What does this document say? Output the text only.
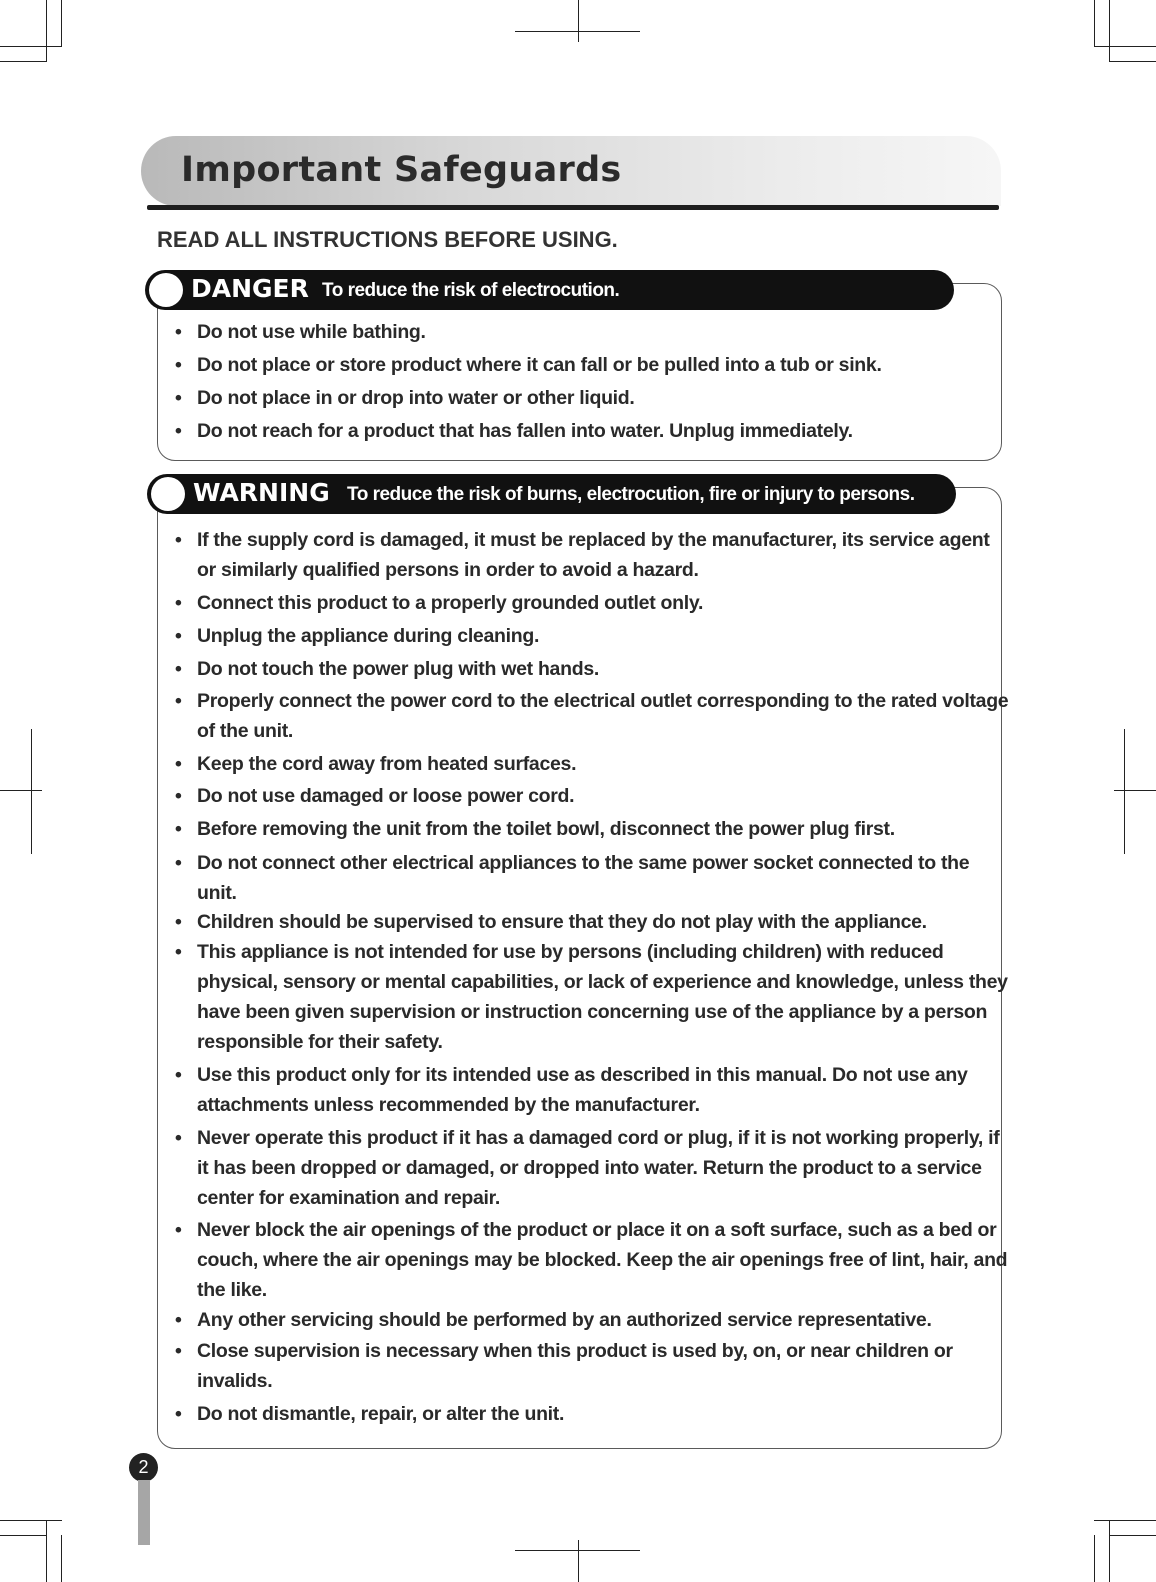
Important Safeguards
READ ALL INSTRUCTIONS BEFORE USING.
DANGER To reduce the risk of electrocution.
• Do not use while bathing.
• Do not place or store product where it can fall or be pulled into a tub or sink.
• Do not place in or drop into water or other liquid.
• Do not reach for a product that has fallen into water. Unplug immediately.
WARNING To reduce the risk of burns, electrocution, fire or injury to persons.
• If the supply cord is damaged, it must be replaced by the manufacturer, its service agent or similarly qualified persons in order to avoid a hazard.
• Connect this product to a properly grounded outlet only.
• Unplug the appliance during cleaning.
• Do not touch the power plug with wet hands.
• Properly connect the power cord to the electrical outlet corresponding to the rated voltage of the unit.
• Keep the cord away from heated surfaces.
• Do not use damaged or loose power cord.
• Before removing the unit from the toilet bowl, disconnect the power plug first.
• Do not connect other electrical appliances to the same power socket connected to the unit.
• Children should be supervised to ensure that they do not play with the appliance.
• This appliance is not intended for use by persons (including children) with reduced physical, sensory or mental capabilities, or lack of experience and knowledge, unless they have been given supervision or instruction concerning use of the appliance by a person responsible for their safety.
• Use this product only for its intended use as described in this manual. Do not use any attachments unless recommended by the manufacturer.
• Never operate this product if it has a damaged cord or plug, if it is not working properly, if it has been dropped or damaged, or dropped into water. Return the product to a service center for examination and repair.
• Never block the air openings of the product or place it on a soft surface, such as a bed or couch, where the air openings may be blocked. Keep the air openings free of lint, hair, and the like.
• Any other servicing should be performed by an authorized service representative.
• Close supervision is necessary when this product is used by, on, or near children or invalids.
• Do not dismantle, repair, or alter the unit.
2
